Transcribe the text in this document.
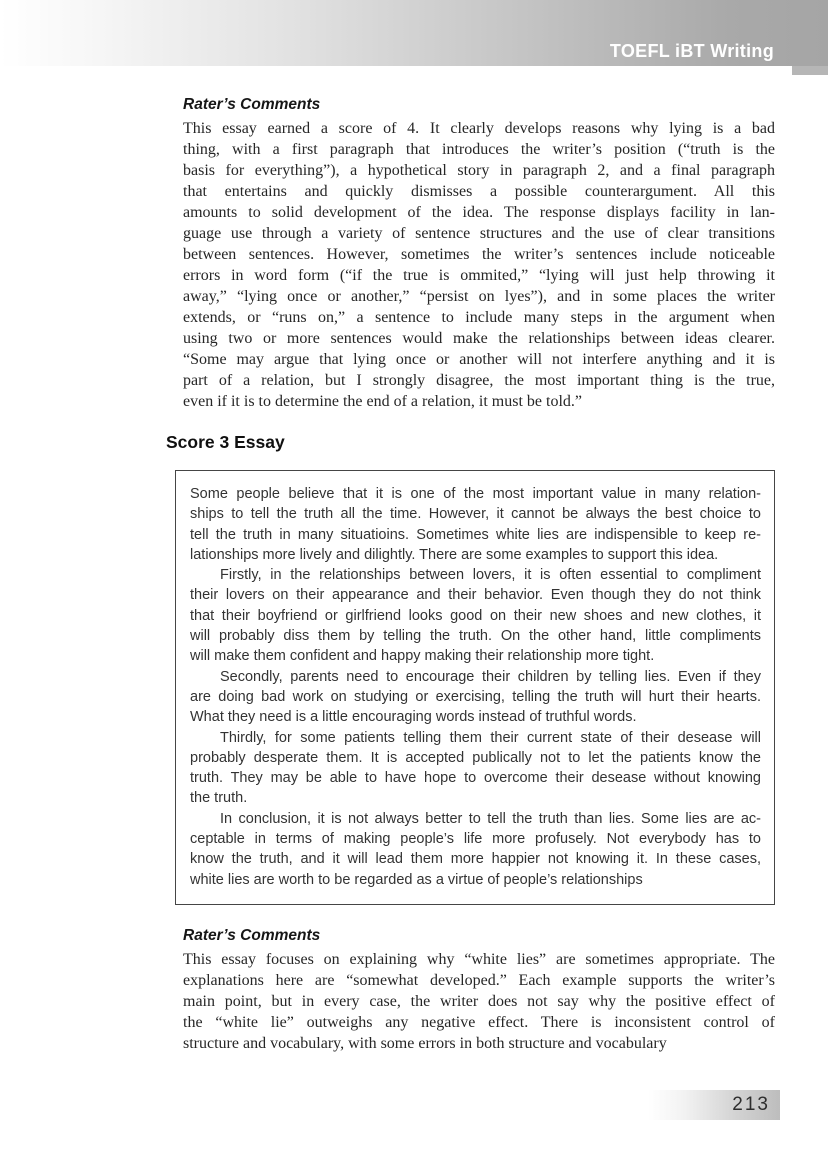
TOEFL iBT Writing
Rater’s Comments
This essay earned a score of 4. It clearly develops reasons why lying is a bad
thing, with a first paragraph that introduces the writer’s position (“truth is the
basis for everything”), a hypothetical story in paragraph 2, and a final paragraph
that entertains and quickly dismisses a possible counterargument. All this
amounts to solid development of the idea. The response displays facility in lan-
guage use through a variety of sentence structures and the use of clear transitions
between sentences. However, sometimes the writer’s sentences include noticeable
errors in word form (“if the true is ommited,” “lying will just help throwing it
away,” “lying once or another,” “persist on lyes”), and in some places the writer
extends, or “runs on,” a sentence to include many steps in the argument when
using two or more sentences would make the relationships between ideas clearer.
“Some may argue that lying once or another will not interfere anything and it is
part of a relation, but I strongly disagree, the most important thing is the true,
even if it is to determine the end of a relation, it must be told.”
Score 3 Essay
Some people believe that it is one of the most important value in many relation-
ships to tell the truth all the time. However, it cannot be always the best choice to
tell the truth in many situatioins. Sometimes white lies are indispensible to keep re-
lationships more lively and dilightly. There are some examples to support this idea.
Firstly, in the relationships between lovers, it is often essential to compliment
their lovers on their appearance and their behavior. Even though they do not think
that their boyfriend or girlfriend looks good on their new shoes and new clothes, it
will probably diss them by telling the truth. On the other hand, little compliments
will make them confident and happy making their relationship more tight.
Secondly, parents need to encourage their children by telling lies. Even if they
are doing bad work on studying or exercising, telling the truth will hurt their hearts.
What they need is a little encouraging words instead of truthful words.
Thirdly, for some patients telling them their current state of their desease will
probably desperate them. It is accepted publically not to let the patients know the
truth. They may be able to have hope to overcome their desease without knowing
the truth.
In conclusion, it is not always better to tell the truth than lies. Some lies are ac-
ceptable in terms of making people’s life more profusely. Not everybody has to
know the truth, and it will lead them more happier not knowing it. In these cases,
white lies are worth to be regarded as a virtue of people’s relationships
Rater’s Comments
This essay focuses on explaining why “white lies” are sometimes appropriate. The
explanations here are “somewhat developed.” Each example supports the writer’s
main point, but in every case, the writer does not say why the positive effect of
the “white lie” outweighs any negative effect. There is inconsistent control of
structure and vocabulary, with some errors in both structure and vocabulary
213
